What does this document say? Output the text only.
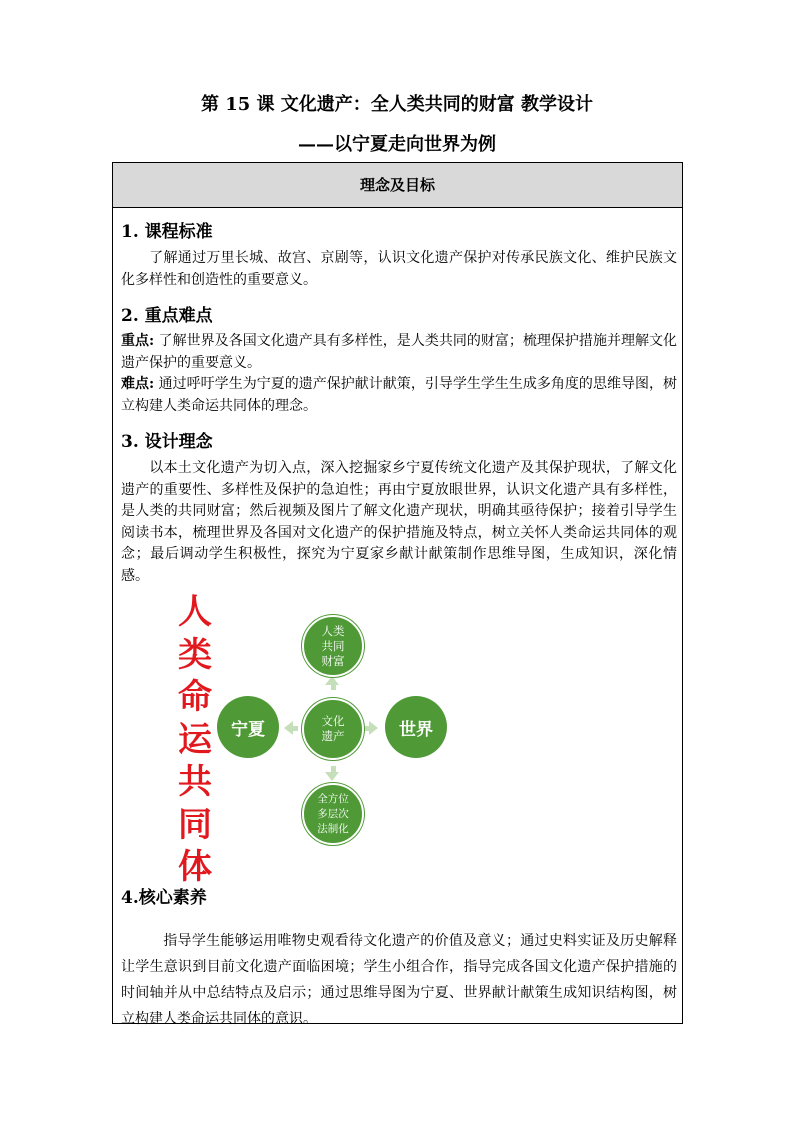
第 15 课 文化遗产：全人类共同的财富 教学设计
——以宁夏走向世界为例
理念及目标
1. 课程标准
了解通过万里长城、故宫、京剧等，认识文化遗产保护对传承民族文化、维护民族文化多样性和创造性的重要意义。
2. 重点难点
重点: 了解世界及各国文化遗产具有多样性，是人类共同的财富；梳理保护措施并理解文化遗产保护的重要意义。
难点: 通过呼吁学生为宁夏的遗产保护献计献策，引导学生学生生成多角度的思维导图，树立构建人类命运共同体的理念。
3. 设计理念
以本土文化遗产为切入点，深入挖掘家乡宁夏传统文化遗产及其保护现状，了解文化遗产的重要性、多样性及保护的急迫性；再由宁夏放眼世界，认识文化遗产具有多样性，是人类的共同财富；然后视频及图片了解文化遗产现状，明确其亟待保护；接着引导学生阅读书本，梳理世界及各国对文化遗产的保护措施及特点，树立关怀人类命运共同体的观念；最后调动学生积极性，探究为宁夏家乡献计献策制作思维导图，生成知识，深化情感。
人
类
命
运
共
同
体
文化
遗产
人类
共同
财富
全方位
多层次
法制化
宁夏	世界
4.核心素养
指导学生能够运用唯物史观看待文化遗产的价值及意义；通过史料实证及历史解释让学生意识到目前文化遗产面临困境；学生小组合作，指导完成各国文化遗产保护措施的时间轴并从中总结特点及启示；通过思维导图为宁夏、世界献计献策生成知识结构图，树立构建人类命运共同体的意识。
